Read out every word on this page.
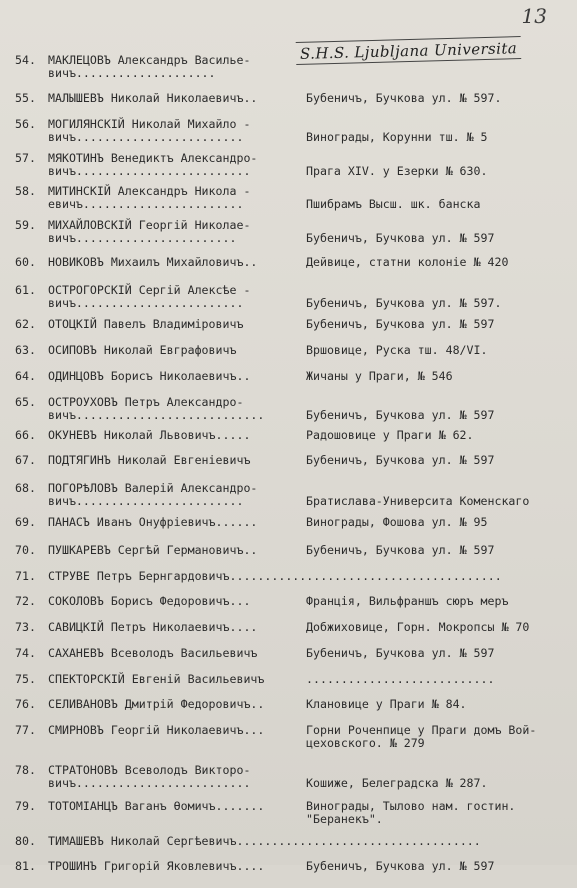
13
S.H.S. Ljubljana Universita
54. МАКЛЕЦОВЪ Александръ Василье-
вичъ....................
55. МАЛЫШЕВЪ Николай Николаевичъ..	Бубеничъ, Бучкова ул. № 597.
56. МОГИЛЯНСКIЙ Николай Михайло -
вичъ........................	Винограды, Корунни тш. № 5
57. МЯКОТИНЪ Венедиктъ Александро-
вичъ.........................	Прага XIV. у Езерки № 630.
58. МИТИНСКIЙ Александръ Никола -
евичъ.......................	Пшибрамъ Высш. шк. банска
59. МИХАЙЛОВСКIЙ Георгiй Николае-
вичъ.......................	Бубеничъ, Бучкова ул. № 597
60. НОВИКОВЪ Михаилъ Михайловичъ..	Дейвице, статни колонiе № 420
61. ОСТРОГОРСКIЙ Сергiй Алексѣе -
вичъ........................	Бубеничъ, Бучкова ул. № 597.
62. ОТОЦКIЙ Павелъ Владимiровичъ	Бубеничъ, Бучкова ул. № 597
63. ОСИПОВЪ Николай Евграфовичъ	Вршовице, Руска тш. 48/VI.
64. ОДИНЦОВЪ Борисъ Николаевичъ..	Жичаны у Праги, № 546
65. ОСТРОУХОВЪ Петръ Александро-
вичъ...........................	Бубеничъ, Бучкова ул. № 597
66. ОКУНЕВЪ Николай Львовичъ.....	Радошовице у Праги № 62.
67. ПОДТЯГИНЪ Николай Евгенiевичъ	Бубеничъ, Бучкова ул. № 597
68. ПОГОРѢЛОВЪ Валерiй Александро-
вичъ........................	Братислава-Университа Коменскаго
69. ПАНАСЪ Иванъ Онуфрiевичъ......	Винограды, Фошова ул. № 95
70. ПУШКАРЕВЪ Сергѣй Германовичъ..	Бубеничъ, Бучкова ул. № 597
71. СТРУВЕ Петръ Бернгардовичъ.......................................
72. СОКОЛОВЪ Борисъ Федоровичъ...	Францiя, Вильфраншъ сюръ меръ
73. САВИЦКIЙ Петръ Николаевичъ....	Добжиховице, Горн. Мокропсы № 70
74. САХАНЕВЪ Всеволодъ Васильевичъ	Бубеничъ, Бучкова ул. № 597
75. СПЕКТОРСКIЙ Евгенiй Васильевичъ	...........................
76. СЕЛИВАНОВЪ Дмитрiй Федоровичъ..	Клановице у Праги № 84.
77. СМИРНОВЪ Георгiй Николаевичъ...	Горни Роченпице у Праги домъ Вой-
цеховского. № 279
78. СТРАТОНОВЪ Всеволодъ Викторо-
вичъ.........................	Кошиже, Белеградска № 287.
79. ТОТОМIАНЦЪ Ваганъ Ѳомичъ.......	Винограды, Тылово нам. гостин.
"Беранекъ".
80. ТИМАШЕВЪ Николай Сергѣевичъ...................................
81. ТРОШИНЪ Григорiй Яковлевичъ....	Бубеничъ, Бучкова ул. № 597
